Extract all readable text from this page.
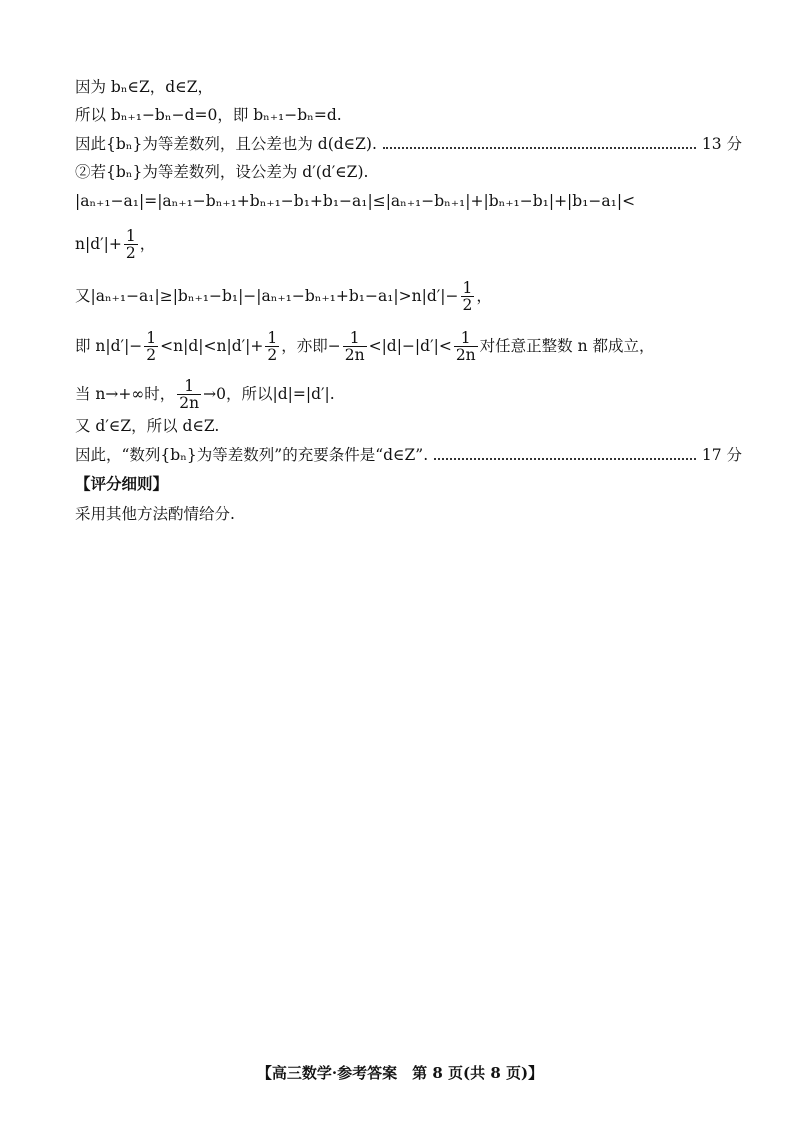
因为 bₙ∈Z，d∈Z，
所以 bₙ₊₁−bₙ−d=0，即 bₙ₊₁−bₙ=d.
因此{bₙ}为等差数列，且公差也为 d(d∈Z).	13 分
②若{bₙ}为等差数列，设公差为 d′(d′∈Z).
|aₙ₊₁−a₁|=|aₙ₊₁−bₙ₊₁+bₙ₊₁−b₁+b₁−a₁|≤|aₙ₊₁−bₙ₊₁|+|bₙ₊₁−b₁|+|b₁−a₁|<
$n|d'|+ \frac{1}{2}$ ，
又$|a_{n+1}-a_1|\ge|b_{n+1}-b_1|-|a_{n+1}-b_{n+1}+b_1-a_1|>n|d'|- \frac{1}{2}$ ，
即 $n|d'|- \frac{1}{2} <n|d|<n|d'|+ \frac{1}{2}$ ，亦即− $\frac{1}{2n} <|d|-|d'|< \frac{1}{2n}$ 对任意正整数 n 都成立，
当 n→+∞时， $\frac{1}{2n} \to 0$，所以|d|=|d′|.
又 d′∈Z，所以 d∈Z.
因此，“数列{bₙ}为等差数列”的充要条件是“d∈Z”.	17 分
【评分细则】
采用其他方法酌情给分.

【高三数学·参考答案　第 8 页(共 8 页)】
